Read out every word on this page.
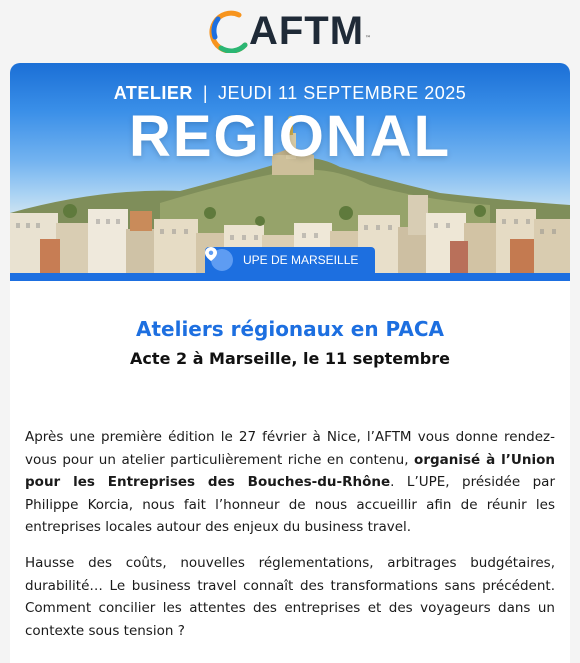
AFTM ™
ATELIER | JEUDI 11 SEPTEMBRE 2025
REGIONAL
UPE DE MARSEILLE
Ateliers régionaux en PACA
Acte 2 à Marseille, le 11 septembre

Après une première édition le 27 février à Nice, l’AFTM vous donne rendez-vous pour un atelier particulièrement riche en contenu, organisé à l’Union pour les Entreprises des Bouches-du-Rhône. L’UPE, présidée par Philippe Korcia, nous fait l’honneur de nous accueillir afin de réunir les entreprises locales autour des enjeux du business travel.

Hausse des coûts, nouvelles réglementations, arbitrages budgétaires, durabilité… Le business travel connaît des transformations sans précédent. Comment concilier les attentes des entreprises et des voyageurs dans un contexte sous tension ?
